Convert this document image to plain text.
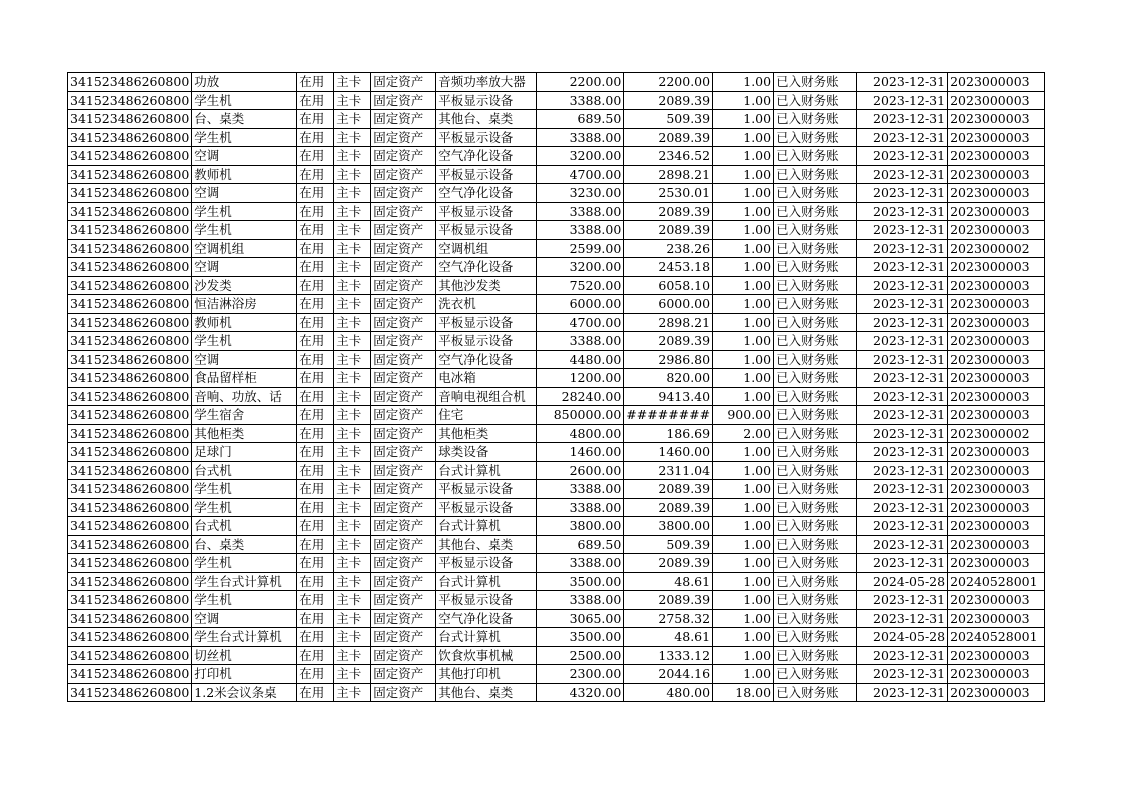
341523486260800	功放	在用	主卡	固定资产	音频功率放大器	2200.00	2200.00	1.00	已入财务账	2023-12-31	2023000003
341523486260800	学生机	在用	主卡	固定资产	平板显示设备	3388.00	2089.39	1.00	已入财务账	2023-12-31	2023000003
341523486260800	台、桌类	在用	主卡	固定资产	其他台、桌类	689.50	509.39	1.00	已入财务账	2023-12-31	2023000003
341523486260800	学生机	在用	主卡	固定资产	平板显示设备	3388.00	2089.39	1.00	已入财务账	2023-12-31	2023000003
341523486260800	空调	在用	主卡	固定资产	空气净化设备	3200.00	2346.52	1.00	已入财务账	2023-12-31	2023000003
341523486260800	教师机	在用	主卡	固定资产	平板显示设备	4700.00	2898.21	1.00	已入财务账	2023-12-31	2023000003
341523486260800	空调	在用	主卡	固定资产	空气净化设备	3230.00	2530.01	1.00	已入财务账	2023-12-31	2023000003
341523486260800	学生机	在用	主卡	固定资产	平板显示设备	3388.00	2089.39	1.00	已入财务账	2023-12-31	2023000003
341523486260800	学生机	在用	主卡	固定资产	平板显示设备	3388.00	2089.39	1.00	已入财务账	2023-12-31	2023000003
341523486260800	空调机组	在用	主卡	固定资产	空调机组	2599.00	238.26	1.00	已入财务账	2023-12-31	2023000002
341523486260800	空调	在用	主卡	固定资产	空气净化设备	3200.00	2453.18	1.00	已入财务账	2023-12-31	2023000003
341523486260800	沙发类	在用	主卡	固定资产	其他沙发类	7520.00	6058.10	1.00	已入财务账	2023-12-31	2023000003
341523486260800	恒洁淋浴房	在用	主卡	固定资产	洗衣机	6000.00	6000.00	1.00	已入财务账	2023-12-31	2023000003
341523486260800	教师机	在用	主卡	固定资产	平板显示设备	4700.00	2898.21	1.00	已入财务账	2023-12-31	2023000003
341523486260800	学生机	在用	主卡	固定资产	平板显示设备	3388.00	2089.39	1.00	已入财务账	2023-12-31	2023000003
341523486260800	空调	在用	主卡	固定资产	空气净化设备	4480.00	2986.80	1.00	已入财务账	2023-12-31	2023000003
341523486260800	食品留样柜	在用	主卡	固定资产	电冰箱	1200.00	820.00	1.00	已入财务账	2023-12-31	2023000003
341523486260800	音响、功放、话	在用	主卡	固定资产	音响电视组合机	28240.00	9413.40	1.00	已入财务账	2023-12-31	2023000003
341523486260800	学生宿舍	在用	主卡	固定资产	住宅	850000.00	########	900.00	已入财务账	2023-12-31	2023000003
341523486260800	其他柜类	在用	主卡	固定资产	其他柜类	4800.00	186.69	2.00	已入财务账	2023-12-31	2023000002
341523486260800	足球门	在用	主卡	固定资产	球类设备	1460.00	1460.00	1.00	已入财务账	2023-12-31	2023000003
341523486260800	台式机	在用	主卡	固定资产	台式计算机	2600.00	2311.04	1.00	已入财务账	2023-12-31	2023000003
341523486260800	学生机	在用	主卡	固定资产	平板显示设备	3388.00	2089.39	1.00	已入财务账	2023-12-31	2023000003
341523486260800	学生机	在用	主卡	固定资产	平板显示设备	3388.00	2089.39	1.00	已入财务账	2023-12-31	2023000003
341523486260800	台式机	在用	主卡	固定资产	台式计算机	3800.00	3800.00	1.00	已入财务账	2023-12-31	2023000003
341523486260800	台、桌类	在用	主卡	固定资产	其他台、桌类	689.50	509.39	1.00	已入财务账	2023-12-31	2023000003
341523486260800	学生机	在用	主卡	固定资产	平板显示设备	3388.00	2089.39	1.00	已入财务账	2023-12-31	2023000003
341523486260800	学生台式计算机	在用	主卡	固定资产	台式计算机	3500.00	48.61	1.00	已入财务账	2024-05-28	20240528001
341523486260800	学生机	在用	主卡	固定资产	平板显示设备	3388.00	2089.39	1.00	已入财务账	2023-12-31	2023000003
341523486260800	空调	在用	主卡	固定资产	空气净化设备	3065.00	2758.32	1.00	已入财务账	2023-12-31	2023000003
341523486260800	学生台式计算机	在用	主卡	固定资产	台式计算机	3500.00	48.61	1.00	已入财务账	2024-05-28	20240528001
341523486260800	切丝机	在用	主卡	固定资产	饮食炊事机械	2500.00	1333.12	1.00	已入财务账	2023-12-31	2023000003
341523486260800	打印机	在用	主卡	固定资产	其他打印机	2300.00	2044.16	1.00	已入财务账	2023-12-31	2023000003
341523486260800	1.2米会议条桌	在用	主卡	固定资产	其他台、桌类	4320.00	480.00	18.00	已入财务账	2023-12-31	2023000003
